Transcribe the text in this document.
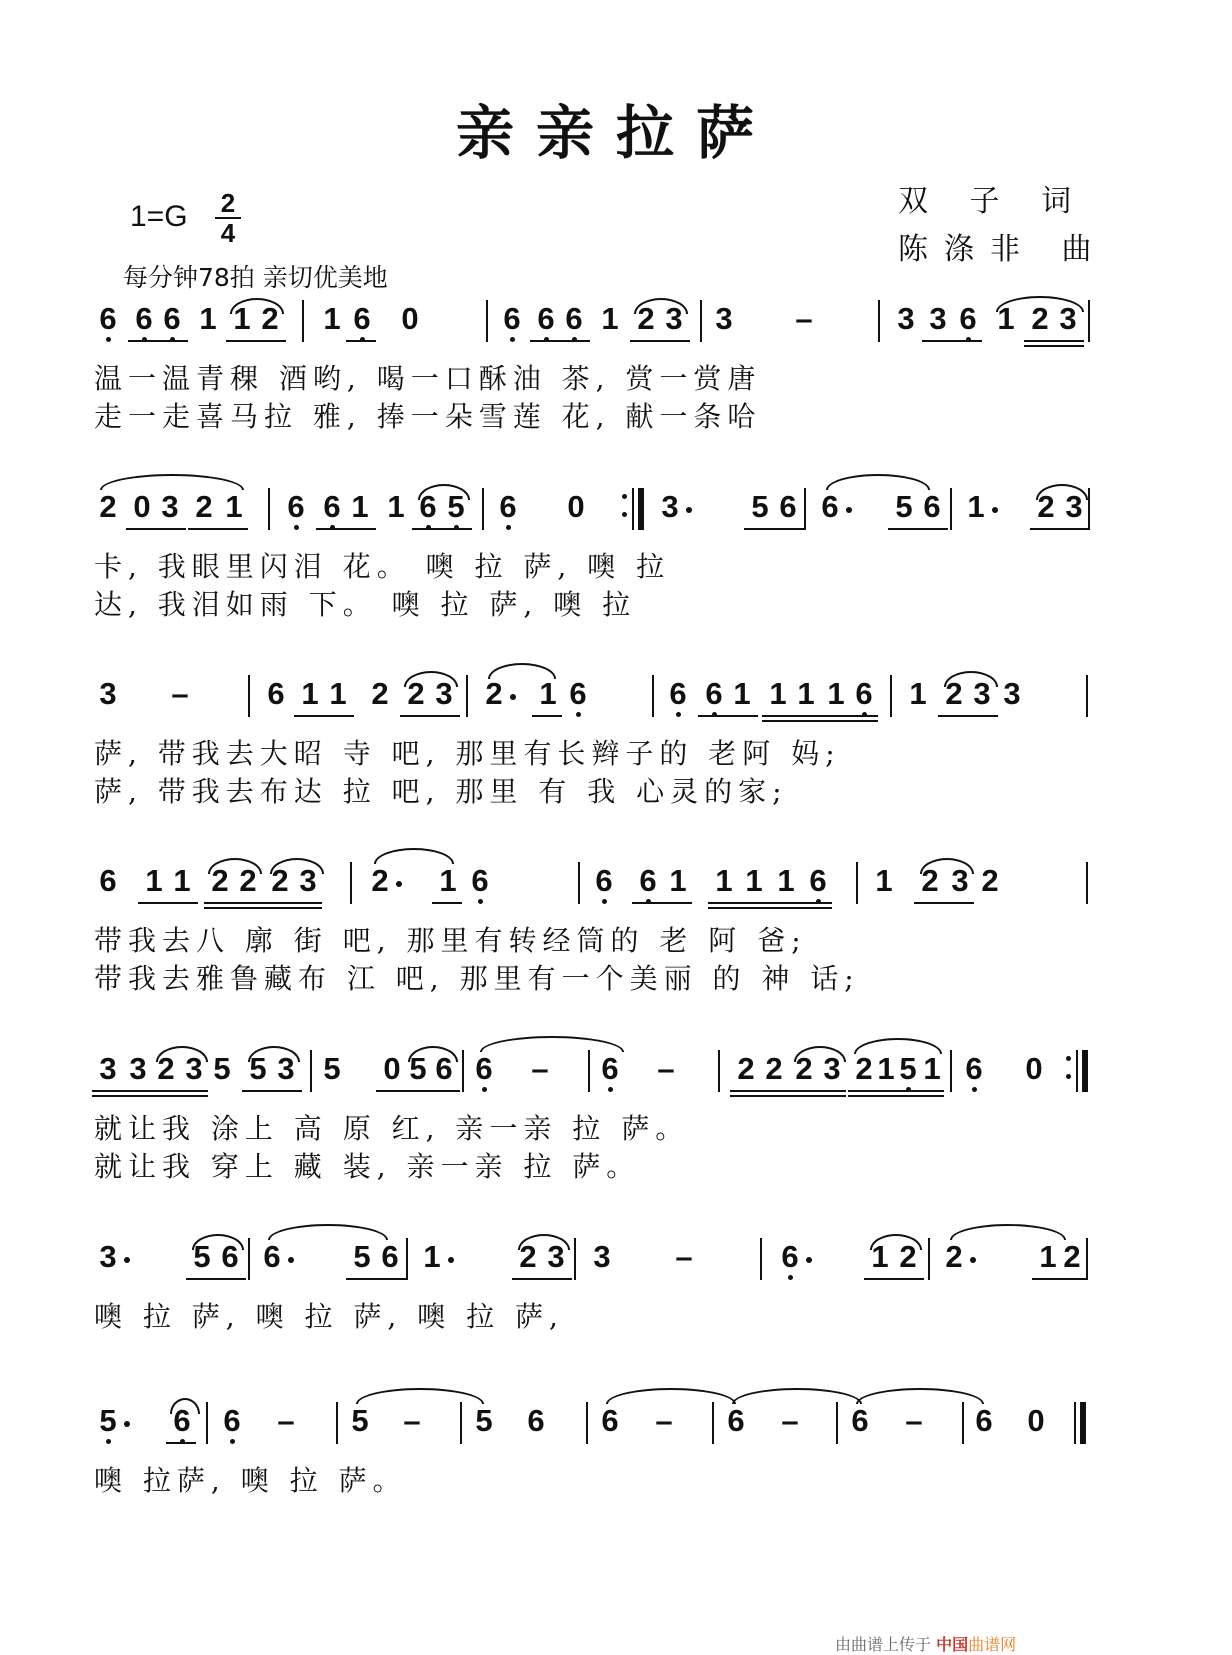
亲亲拉萨
1=G 2
4
每分钟78拍 亲切优美地
双 子 词
陈涤非 曲
6 6 6 1 1 2 1 6 0	6 6 6 1 2 3 3 –	3 3 6 1 2 3
温一温青稞 酒哟, 喝一口酥油 茶, 赏一赏唐
走一走喜马拉 雅, 捧一朵雪莲 花, 献一条哈
2 0 3 2 1 6 6 1 1 6 5 6 0 3 5 6 6 5 6 1 2 3
卡, 我眼里闪泪 花。 噢 拉 萨, 噢 拉
达, 我泪如雨 下。 噢 拉 萨, 噢 拉
3 –	6 1 1 2 2 3 2 1 6	6 6 1 1 1 1 6 1 2 3 3
萨, 带我去大昭 寺 吧, 那里有长辫子的 老阿 妈;
萨, 带我去布达 拉 吧, 那里 有 我 心灵的家;
6 1 1 2 2 2 3 2 1 6	6 6 1 1 1 1 6 1 2 3 2
带我去八 廓 街 吧, 那里有转经筒的 老 阿 爸;
带我去雅鲁藏布 江 吧, 那里有一个美丽 的 神 话;
3 3 2 3 5 5 3 5 0 5 6 6 – 6 – 2 2 2 3 2 1 5 1 6 0
就让我 涂上 高 原 红, 亲一亲 拉 萨。
就让我 穿上 藏 装, 亲一亲 拉 萨。
3 5 6 6 5 6 1	2 3 3 –	6 1 2 2 1 2
噢 拉 萨, 噢 拉 萨, 噢 拉 萨,
5 6 6 – 5 – 5 6 6 – 6 – 6 – 6 0
噢 拉萨, 噢 拉 萨。
由曲谱上传于 中国曲谱网
